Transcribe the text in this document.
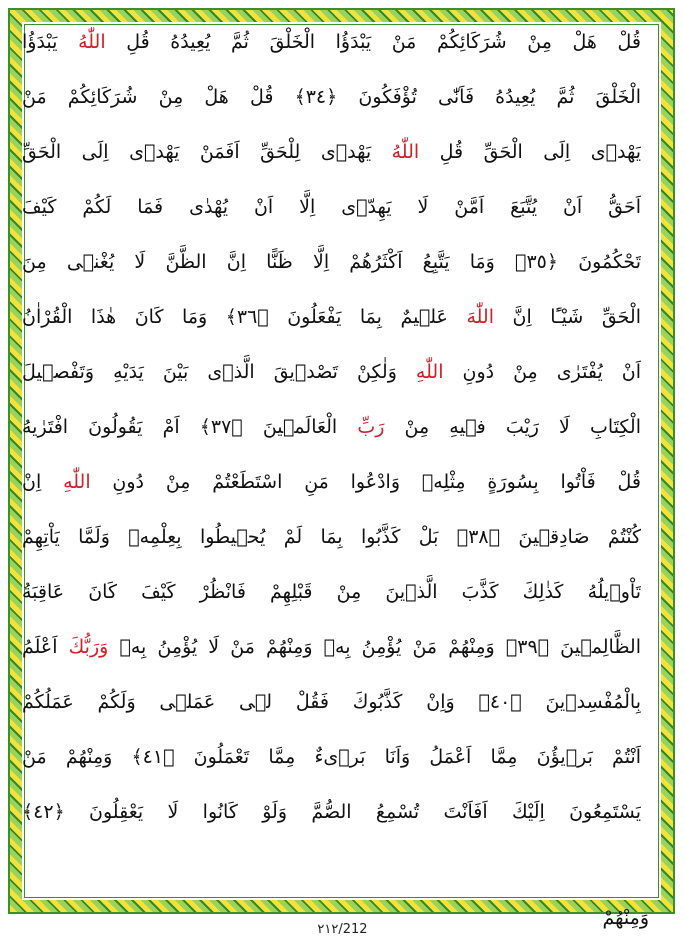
قُلْ هَلْ مِنْ شُرَكَائِكُمْ مَنْ يَبْدَؤُا الْخَلْقَ ثُمَّ يُعِيدُهُ قُلِ اللّٰهُ يَبْدَؤُا
الْخَلْقَ ثُمَّ يُعِيدُهُ فَاَنّٰى تُؤْفَكُونَ ﴿٣٤﴾ قُلْ هَلْ مِنْ شُرَكَائِكُمْ مَنْ
يَهْدٖى اِلَى الْحَقِّ قُلِ اللّٰهُ يَهْدٖى لِلْحَقِّ اَفَمَنْ يَهْدٖى اِلَى الْحَقِّ
اَحَقُّ اَنْ يُتَّبَعَ اَمَّنْ لَا يَهِدّٖى اِلَّا اَنْ يُهْدٰى فَمَا لَكُمْ كَيْفَ
تَحْكُمُونَ ﴿٣٥﴾ وَمَا يَتَّبِعُ اَكْثَرُهُمْ اِلَّا ظَنًّا اِنَّ الظَّنَّ لَا يُغْنٖى مِنَ
الْحَقِّ شَيْـًٔا اِنَّ اللّٰهَ عَلٖيمٌ بِمَا يَفْعَلُونَ ﴿٣٦﴾ وَمَا كَانَ هٰذَا الْقُرْاٰنُ
اَنْ يُفْتَرٰى مِنْ دُونِ اللّٰهِ وَلٰكِنْ تَصْدٖيقَ الَّذٖى بَيْنَ يَدَيْهِ وَتَفْصٖيلَ
الْكِتَابِ لَا رَيْبَ فٖيهِ مِنْ رَبِّ الْعَالَمٖينَ ﴿٣٧﴾ اَمْ يَقُولُونَ افْتَرٰيهُ
قُلْ فَاْتُوا بِسُورَةٍ مِثْلِهٖ وَادْعُوا مَنِ اسْتَطَعْتُمْ مِنْ دُونِ اللّٰهِ اِنْ
كُنْتُمْ صَادِقٖينَ ﴿٣٨﴾ بَلْ كَذَّبُوا بِمَا لَمْ يُحٖيطُوا بِعِلْمِهٖ وَلَمَّا يَاْتِهِمْ
تَاْوٖيلُهُ كَذٰلِكَ كَذَّبَ الَّذٖينَ مِنْ قَبْلِهِمْ فَانْظُرْ كَيْفَ كَانَ عَاقِبَةُ
الظَّالِمٖينَ ﴿٣٩﴾ وَمِنْهُمْ مَنْ يُؤْمِنُ بِهٖ وَمِنْهُمْ مَنْ لَا يُؤْمِنُ بِهٖ وَرَبُّكَ اَعْلَمُ
بِالْمُفْسِدٖينَ ﴿٤٠﴾ وَاِنْ كَذَّبُوكَ فَقُلْ لٖى عَمَلٖى وَلَكُمْ عَمَلُكُمْ
اَنْتُمْ بَرٖيؤُنَ مِمَّا اَعْمَلُ وَاَنَا بَرٖىءٌ مِمَّا تَعْمَلُونَ ﴿٤١﴾ وَمِنْهُمْ مَنْ
يَسْتَمِعُونَ اِلَيْكَ اَفَاَنْتَ تُسْمِعُ الصُّمَّ وَلَوْ كَانُوا لَا يَعْقِلُونَ ﴿٤٢﴾
وَمِنْهُمْ
٢١٢/212
